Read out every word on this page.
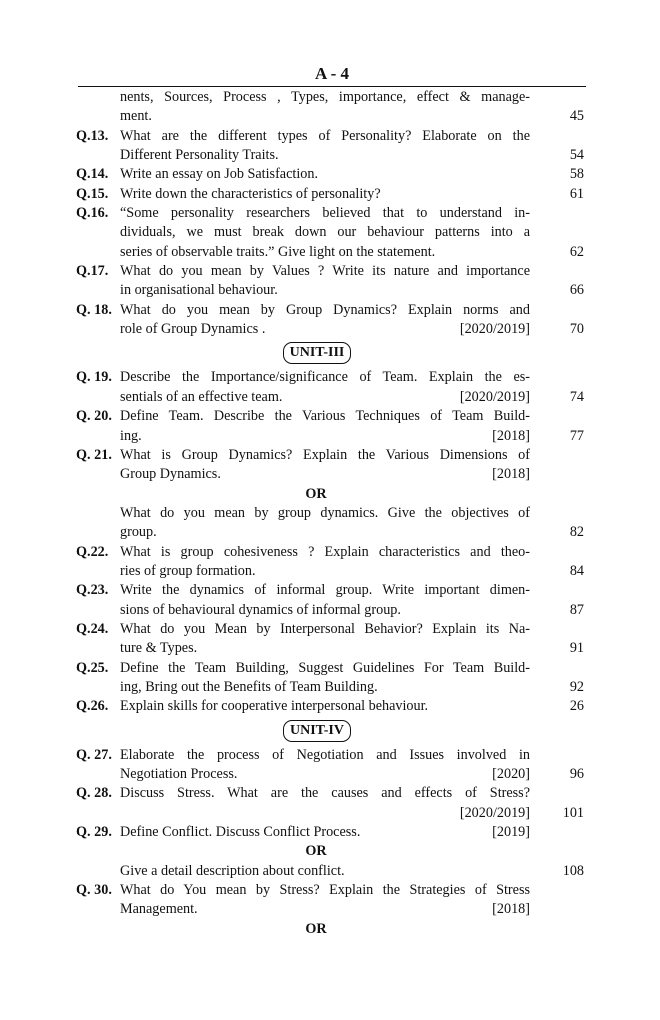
A - 4
nents, Sources, Process , Types, importance, effect & manage-
ment.	45
Q.13. What are the different types of Personality? Elaborate on the
Different Personality Traits.	54
Q.14. Write an essay on Job Satisfaction.	58
Q.15. Write down the characteristics of personality?	61
Q.16. “Some personality researchers believed that to understand in-
dividuals, we must break down our behaviour patterns into a
series of observable traits.” Give light on the statement.	62
Q.17. What do you mean by Values ? Write its nature and importance
in organisational behaviour.	66
Q. 18. What do you mean by Group Dynamics? Explain norms and
role of Group Dynamics .	[2020/2019]	70
UNIT-III
Q. 19. Describe the Importance/significance of Team. Explain the es-
sentials of an effective team.	[2020/2019]	74
Q. 20. Define Team. Describe the Various Techniques of Team Build-
ing.	[2018]	77
Q. 21. What is Group Dynamics? Explain the Various Dimensions of
Group Dynamics.	[2018]
OR
What do you mean by group dynamics. Give the objectives of
group.	82
Q.22. What is group cohesiveness ? Explain characteristics and theo-
ries of group formation.	84
Q.23. Write the dynamics of informal group. Write important dimen-
sions of behavioural dynamics of informal group.	87
Q.24. What do you Mean by Interpersonal Behavior? Explain its Na-
ture & Types.	91
Q.25. Define the Team Building, Suggest Guidelines For Team Build-
ing, Bring out the Benefits of Team Building.	92
Q.26. Explain skills for cooperative interpersonal behaviour.	26
UNIT-IV
Q. 27. Elaborate the process of Negotiation and Issues involved in
Negotiation Process.	[2020]	96
Q. 28. Discuss Stress. What are the causes and effects of Stress?

[2020/2019]	101
Q. 29. Define Conflict. Discuss Conflict Process.	[2019]
OR
Give a detail description about conflict.	108
Q. 30. What do You mean by Stress? Explain the Strategies of Stress
Management.	[2018]
OR
